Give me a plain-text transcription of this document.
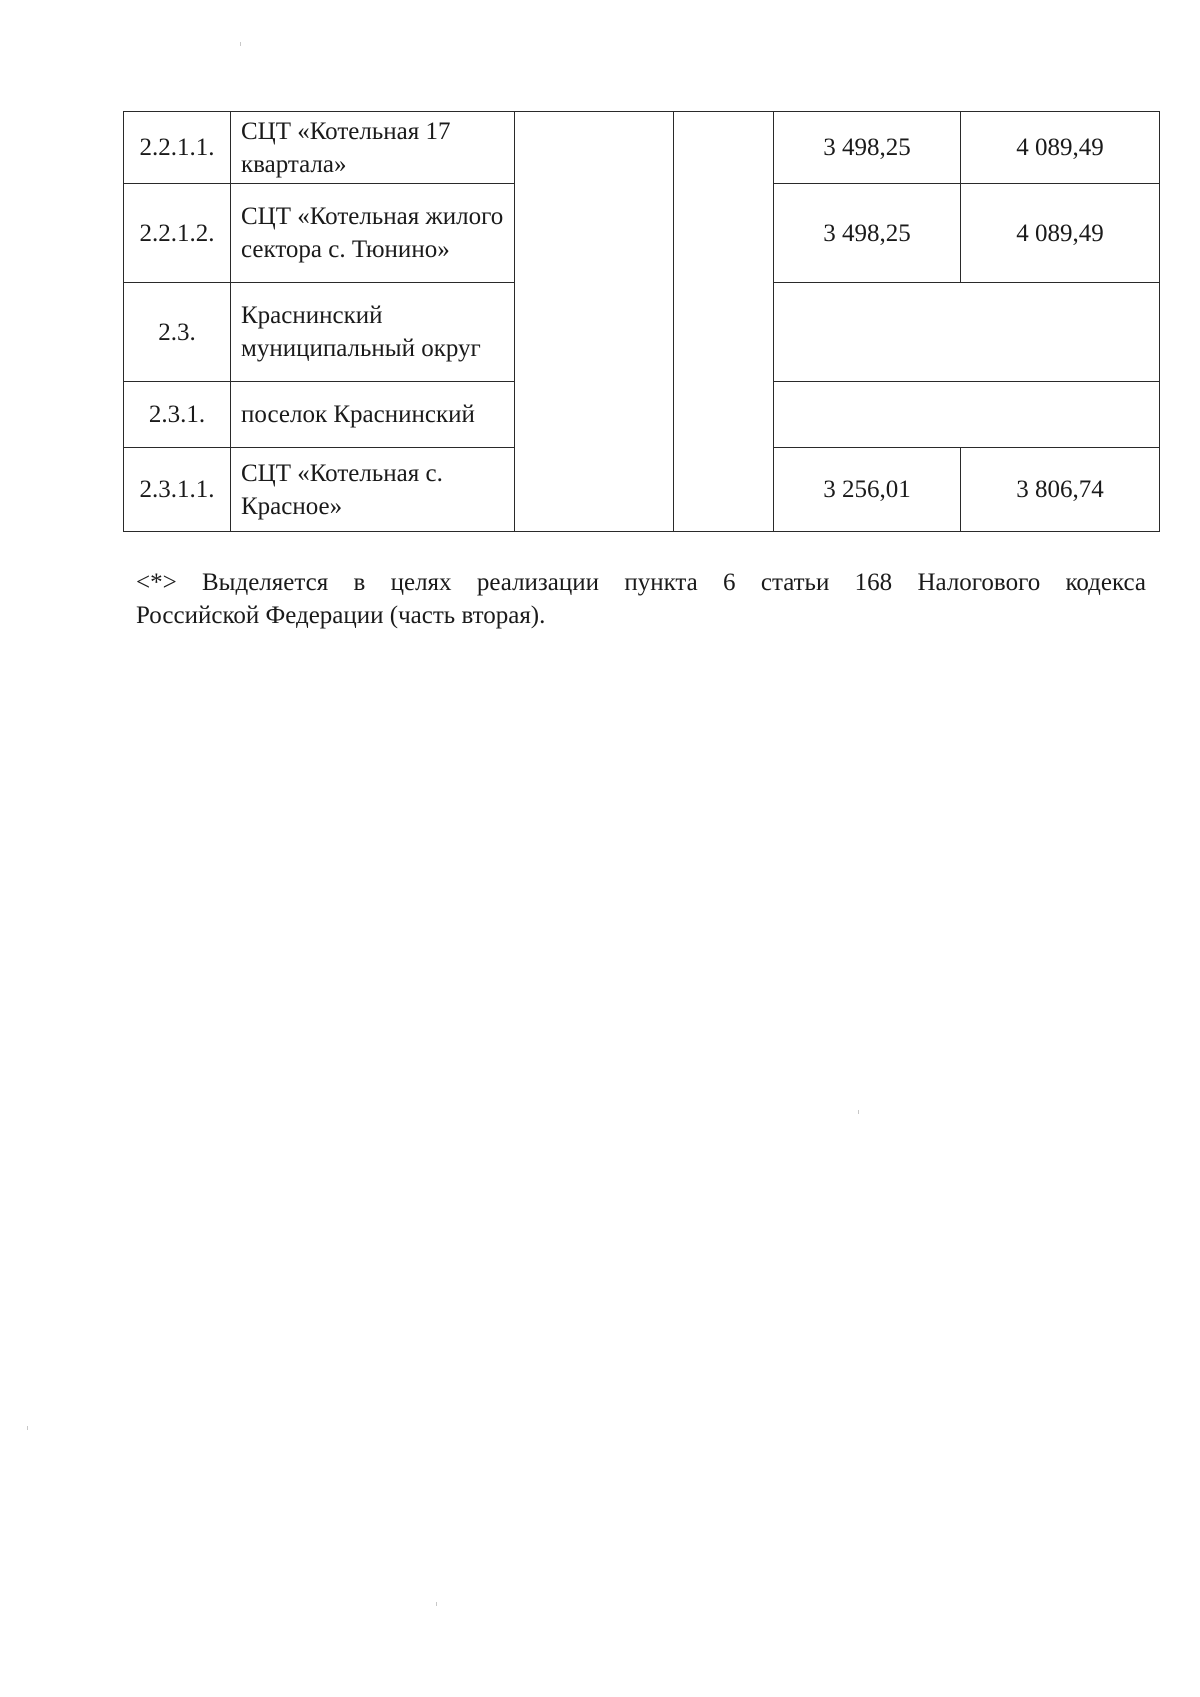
2.2.1.1.	СЦТ «Котельная 17 квартала»			3 498,25	4 089,49
2.2.1.2.	СЦТ «Котельная жилого сектора с. Тюнино»			3 498,25	4 089,49
2.3.	Краснинский муниципальный округ				
2.3.1.	поселок Краснинский				
2.3.1.1.	СЦТ «Котельная с. Красное»			3 256,01	3 806,74
<*> Выделяется в целях реализации пункта 6 статьи 168 Налогового кодекса
Российской Федерации (часть вторая).
